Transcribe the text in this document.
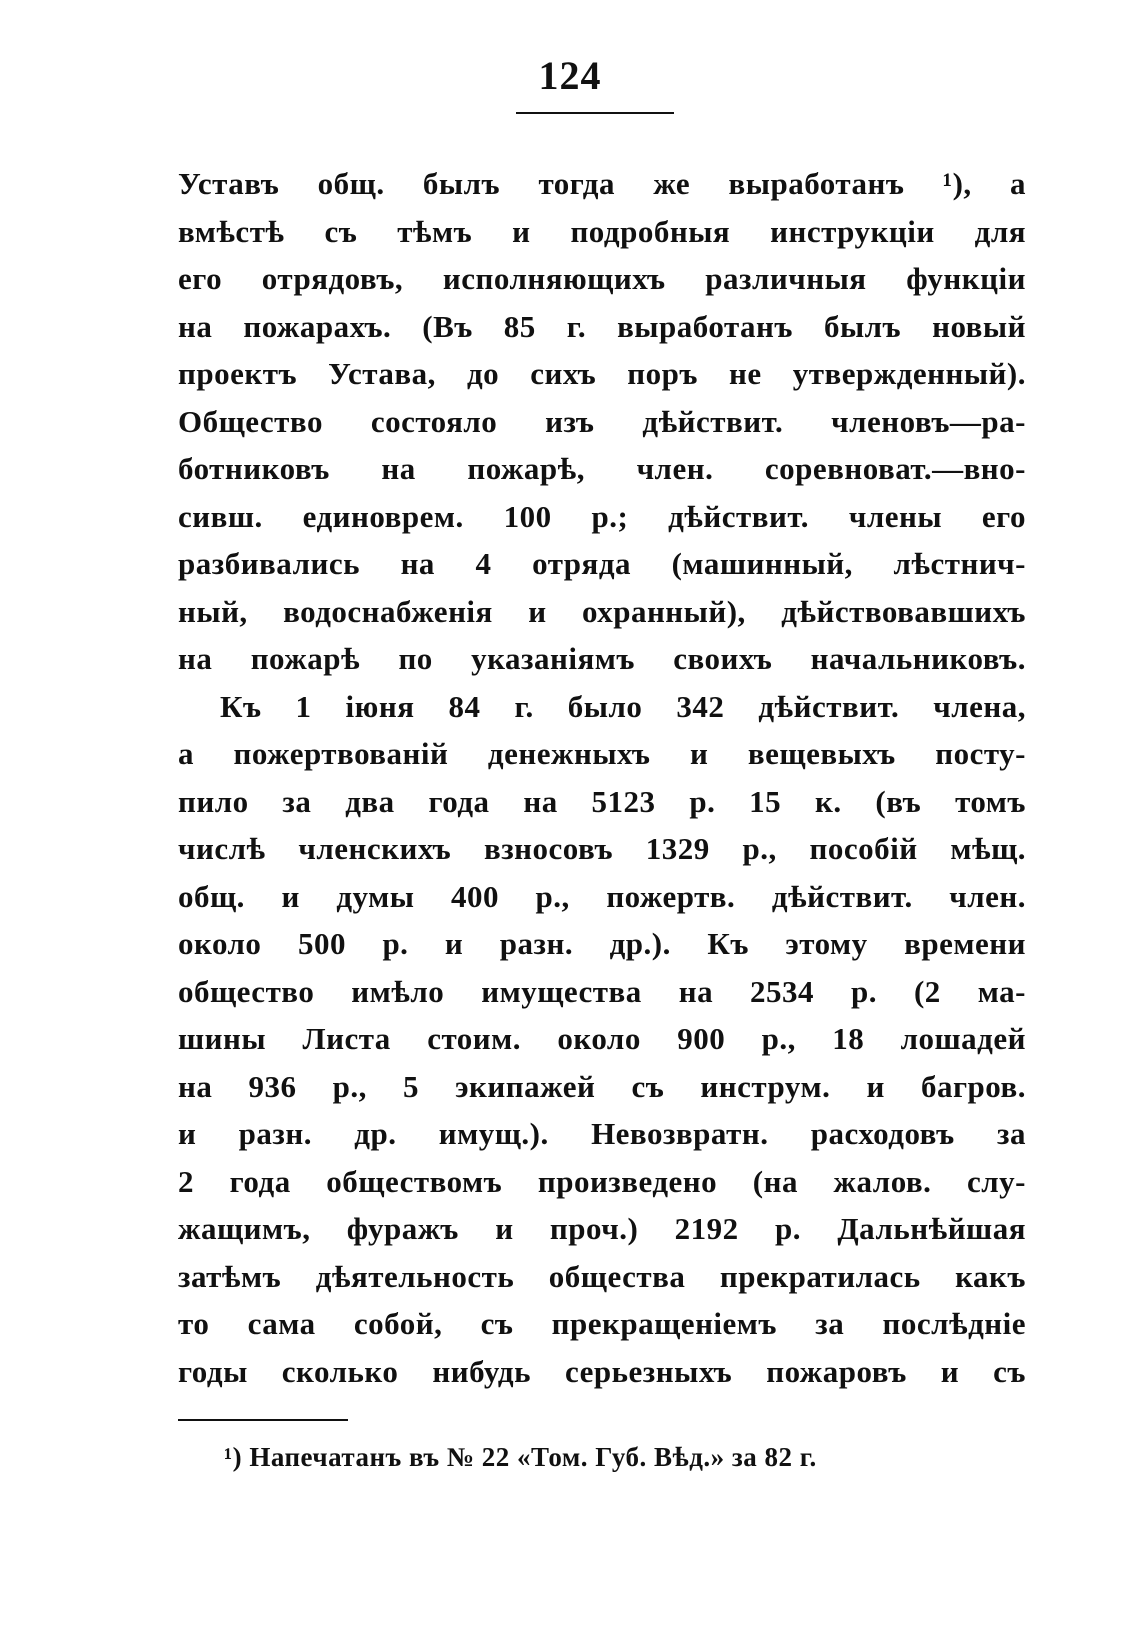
124
Уставъ общ. былъ тогда же выработанъ ¹), а
вмѣстѣ съ тѣмъ и подробныя инструкціи для
его отрядовъ, исполняющихъ различныя функціи
на пожарахъ. (Въ 85 г. выработанъ былъ новый
проектъ Устава, до сихъ поръ не утвержденный).
Общество состояло изъ дѣйствит. членовъ—ра-
ботниковъ на пожарѣ, член. соревноват.—вно-
сивш. единоврем. 100 р.; дѣйствит. члены его
разбивались на 4 отряда (машинный, лѣстнич-
ный, водоснабженія и охранный), дѣйствовавшихъ
на пожарѣ по указаніямъ своихъ начальниковъ.
Къ 1 іюня 84 г. было 342 дѣйствит. члена,
а пожертвованій денежныхъ и вещевыхъ посту-
пило за два года на 5123 р. 15 к. (въ томъ
числѣ членскихъ взносовъ 1329 р., пособій мѣщ.
общ. и думы 400 р., пожертв. дѣйствит. член.
около 500 р. и разн. др.). Къ этому времени
общество имѣло имущества на 2534 р. (2 ма-
шины Листа стоим. около 900 р., 18 лошадей
на 936 р., 5 экипажей съ инструм. и багров.
и разн. др. имущ.). Невозвратн. расходовъ за
2 года обществомъ произведено (на жалов. слу-
жащимъ, фуражъ и проч.) 2192 р. Дальнѣйшая
затѣмъ дѣятельность общества прекратилась какъ
то сама собой, съ прекращеніемъ за послѣдніе
годы сколько нибудь серьезныхъ пожаровъ и съ
¹) Напечатанъ въ № 22 «Том. Губ. Вѣд.» за 82 г.
